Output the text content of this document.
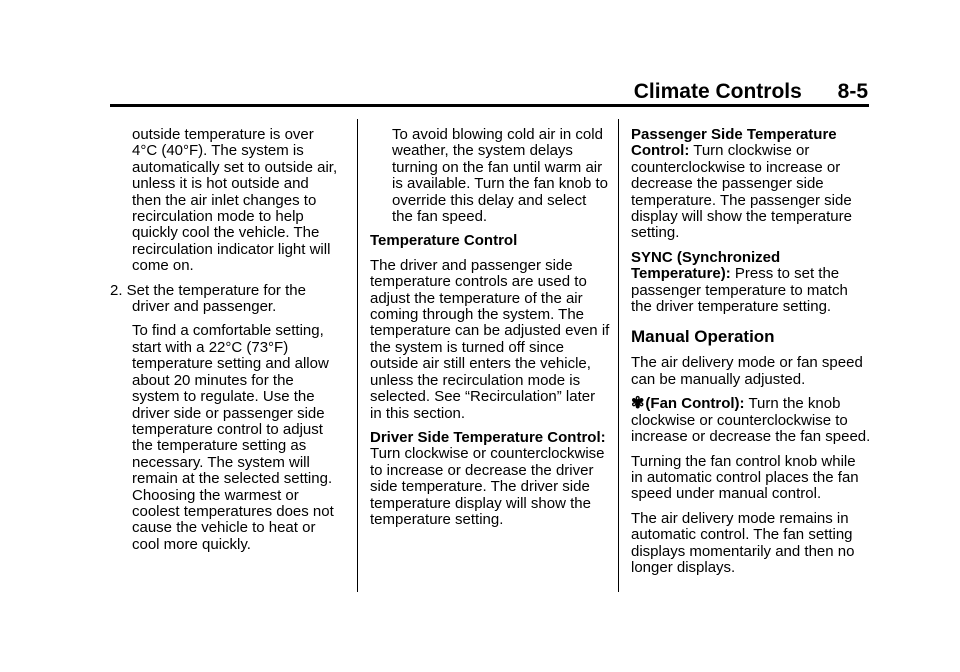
Climate Controls 8-5

outside temperature is over 4°C (40°F). The system is automatically set to outside air, unless it is hot outside and then the air inlet changes to recirculation mode to help quickly cool the vehicle. The recirculation indicator light will come on.

2. Set the temperature for the driver and passenger.

To find a comfortable setting, start with a 22°C (73°F) temperature setting and allow about 20 minutes for the system to regulate. Use the driver side or passenger side temperature control to adjust the temperature setting as necessary. The system will remain at the selected setting. Choosing the warmest or coolest temperatures does not cause the vehicle to heat or cool more quickly.

To avoid blowing cold air in cold weather, the system delays turning on the fan until warm air is available. Turn the fan knob to override this delay and select the fan speed.

Temperature Control

The driver and passenger side temperature controls are used to adjust the temperature of the air coming through the system. The temperature can be adjusted even if the system is turned off since outside air still enters the vehicle, unless the recirculation mode is selected. See “Recirculation” later in this section.

Driver Side Temperature Control: Turn clockwise or counterclockwise to increase or decrease the driver side temperature. The driver side temperature display will show the temperature setting.

Passenger Side Temperature Control: Turn clockwise or counterclockwise to increase or decrease the passenger side temperature. The passenger side display will show the temperature setting.

SYNC (Synchronized Temperature): Press to set the passenger temperature to match the driver temperature setting.

Manual Operation

The air delivery mode or fan speed can be manually adjusted.

✾(Fan Control): Turn the knob clockwise or counterclockwise to increase or decrease the fan speed.

Turning the fan control knob while in automatic control places the fan speed under manual control.

The air delivery mode remains in automatic control. The fan setting displays momentarily and then no longer displays.
